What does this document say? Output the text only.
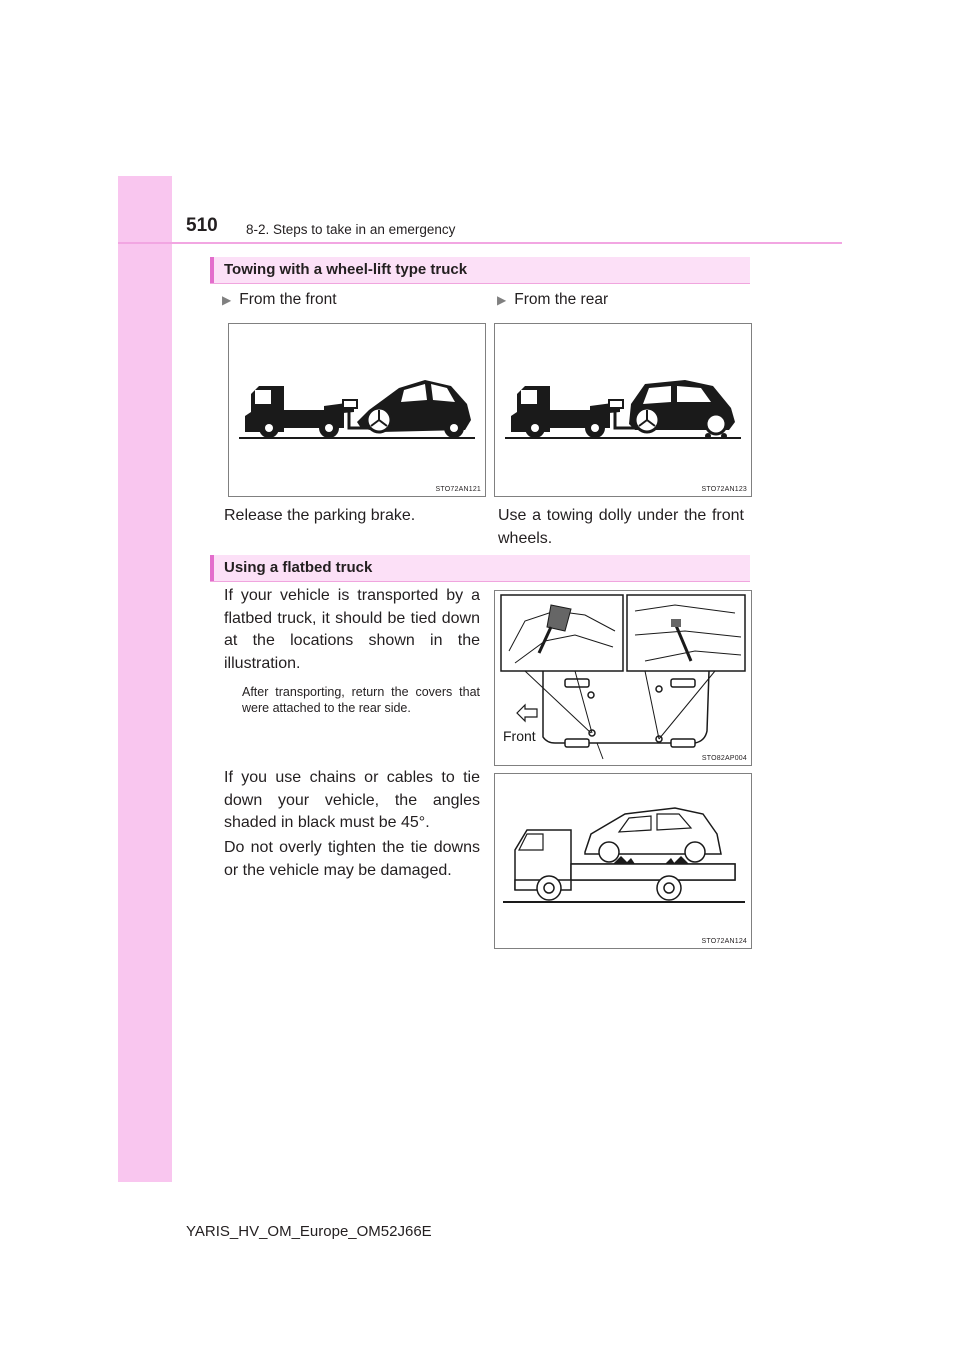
510 8-2. Steps to take in an emergency
Towing with a wheel-lift type truck
▶ From the front	▶ From the rear
STO72AN121	STO72AN123
Release the parking brake.	Use a towing dolly under the front wheels.
Using a flatbed truck
If your vehicle is transported by a flatbed truck, it should be tied down at the locations shown in the illustration.
After transporting, return the covers that were attached to the rear side.
Front
STO82AP004
If you use chains or cables to tie down your vehicle, the angles shaded in black must be 45°.
Do not overly tighten the tie downs or the vehicle may be damaged.
STO72AN124
YARIS_HV_OM_Europe_OM52J66E
